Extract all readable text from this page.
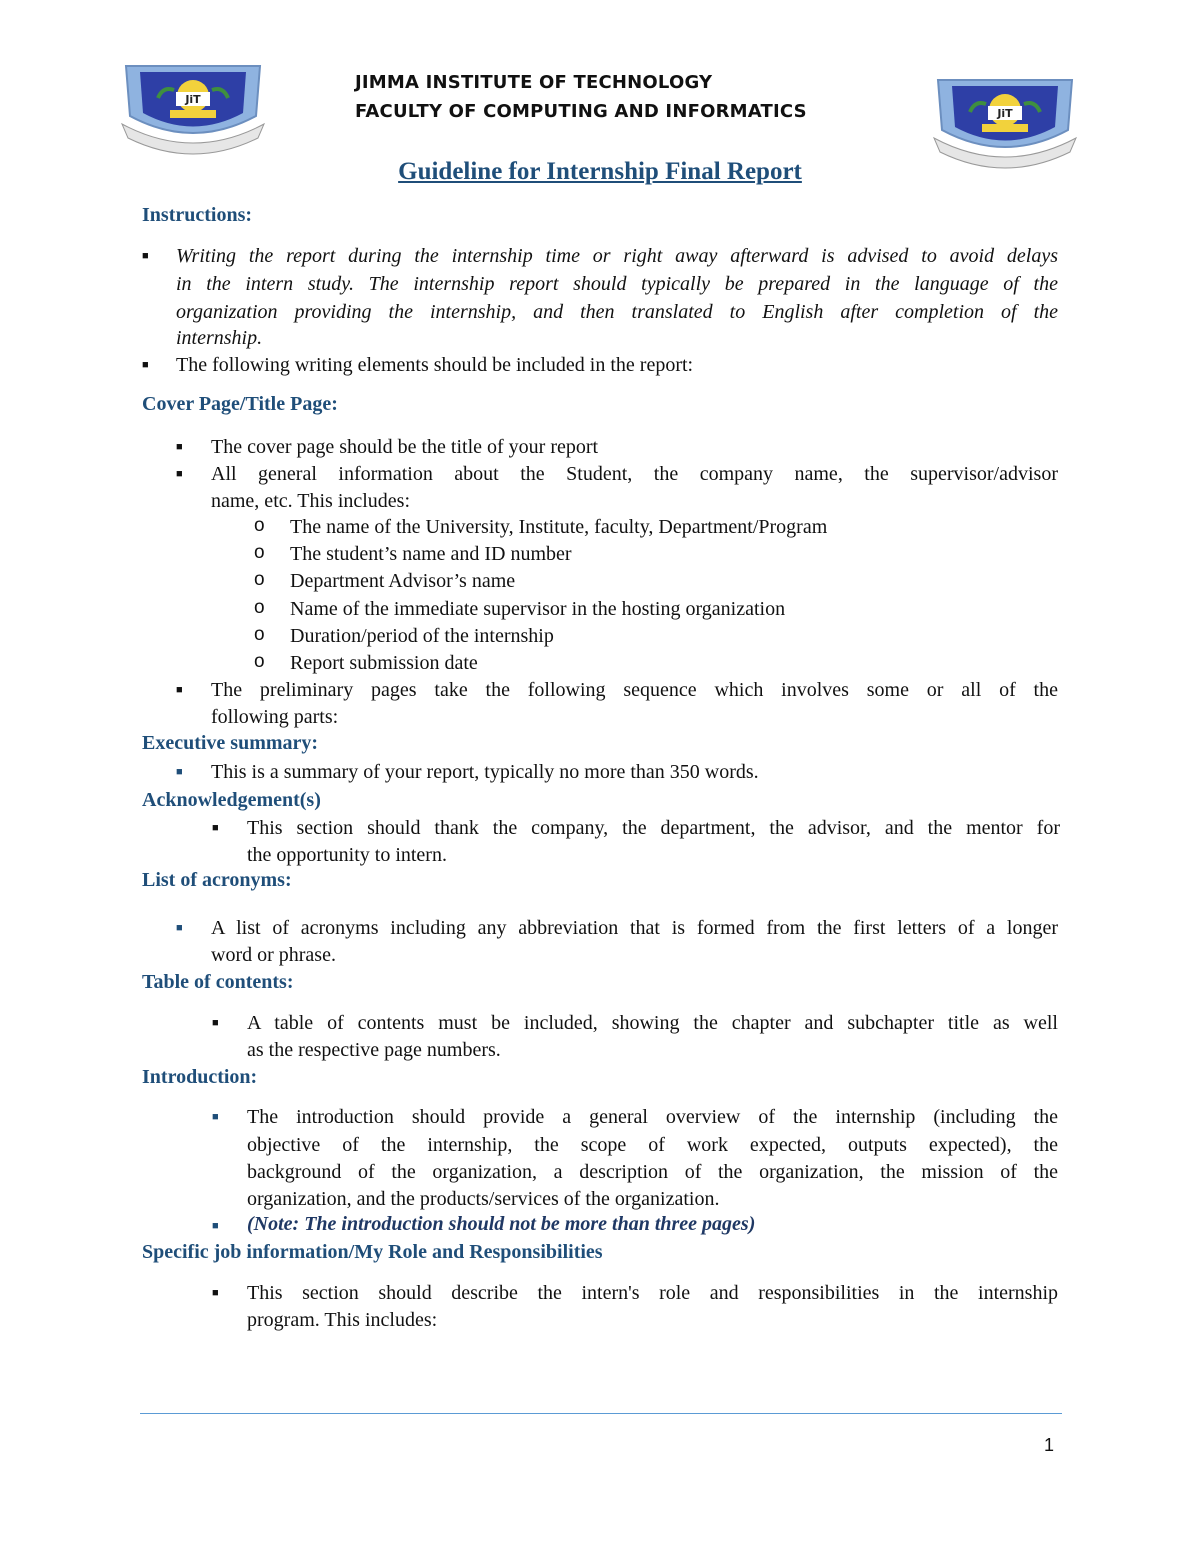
JiT
JiT
JIMMA INSTITUTE OF TECHNOLOGY
FACULTY OF COMPUTING AND INFORMATICS
Guideline for Internship Final Report
Instructions:
■ Writing the report during the internship time or right away afterward is advised to avoid delays
in the intern study. The internship report should typically be prepared in the language of the
organization providing the internship, and then translated to English after completion of the
internship.
■ The following writing elements should be included in the report:
Cover Page/Title Page:
■ The cover page should be the title of your report
■ All general information about the Student, the company name, the supervisor/advisor
name, etc. This includes:
o The name of the University, Institute, faculty, Department/Program
o The student’s name and ID number
o Department Advisor’s name
o Name of the immediate supervisor in the hosting organization
o Duration/period of the internship
o Report submission date
■ The preliminary pages take the following sequence which involves some or all of the
following parts:
Executive summary:
■ This is a summary of your report, typically no more than 350 words.
Acknowledgement(s)
■ This section should thank the company, the department, the advisor, and the mentor for
the opportunity to intern.
List of acronyms:
■ A list of acronyms including any abbreviation that is formed from the first letters of a longer
word or phrase.
Table of contents:
■ A table of contents must be included, showing the chapter and subchapter title as well
as the respective page numbers.
Introduction:
■ The introduction should provide a general overview of the internship (including the
objective of the internship, the scope of work expected, outputs expected), the
background of the organization, a description of the organization, the mission of the
organization, and the products/services of the organization.
■ (Note: The introduction should not be more than three pages)
Specific job information/My Role and Responsibilities
■ This section should describe the intern's role and responsibilities in the internship
program. This includes:
1
